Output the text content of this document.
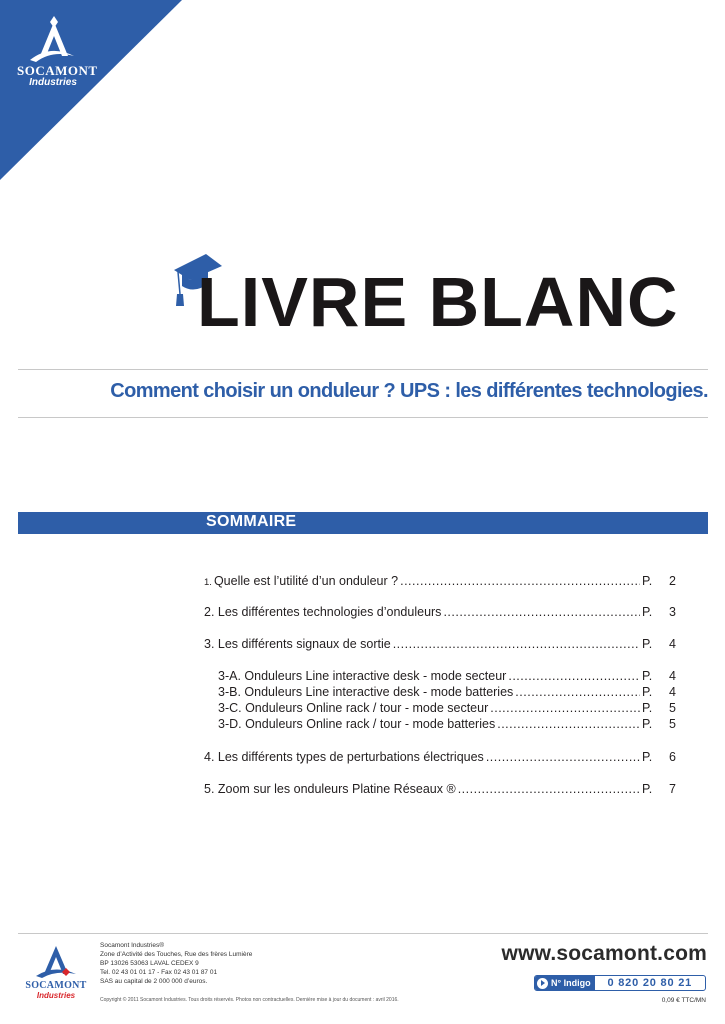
SOCAMONT
Industries
LIVRE BLANC
Comment choisir un onduleur ? UPS : les différentes technologies.
SOMMAIRE
1. Quelle est l’utilité d’un onduleur ? .....	P. 2
2. Les différentes technologies d’onduleurs .....	P. 3
3. Les différents signaux de sortie .....	P. 4
3-A. Onduleurs Line interactive desk - mode secteur .....	P. 4
3-B. Onduleurs Line interactive desk - mode batteries .....	P. 4
3-C. Onduleurs Online rack / tour - mode secteur .....	P. 5
3-D. Onduleurs Online rack / tour - mode batteries .....	P. 5
4. Les différents types de perturbations électriques .....	P. 6
5. Zoom sur les onduleurs Platine Réseaux ® .....	P. 7
SOCAMONT
Industries
Socamont Industries®
Zone d’Activité des Touches, Rue des frères Lumière
BP 13026 53063 LAVAL CEDEX 9
Tel. 02 43 01 01 17 - Fax 02 43 01 87 01
SAS au capital de 2 000 000 d’euros.
Copyright © 2011 Socamont Industries. Tous droits réservés. Photos non contractuelles. Dernière mise à jour du document : avril 2016.
www.socamont.com
N° Indigo	0 820 20 80 21
0,09 € TTC/MN
